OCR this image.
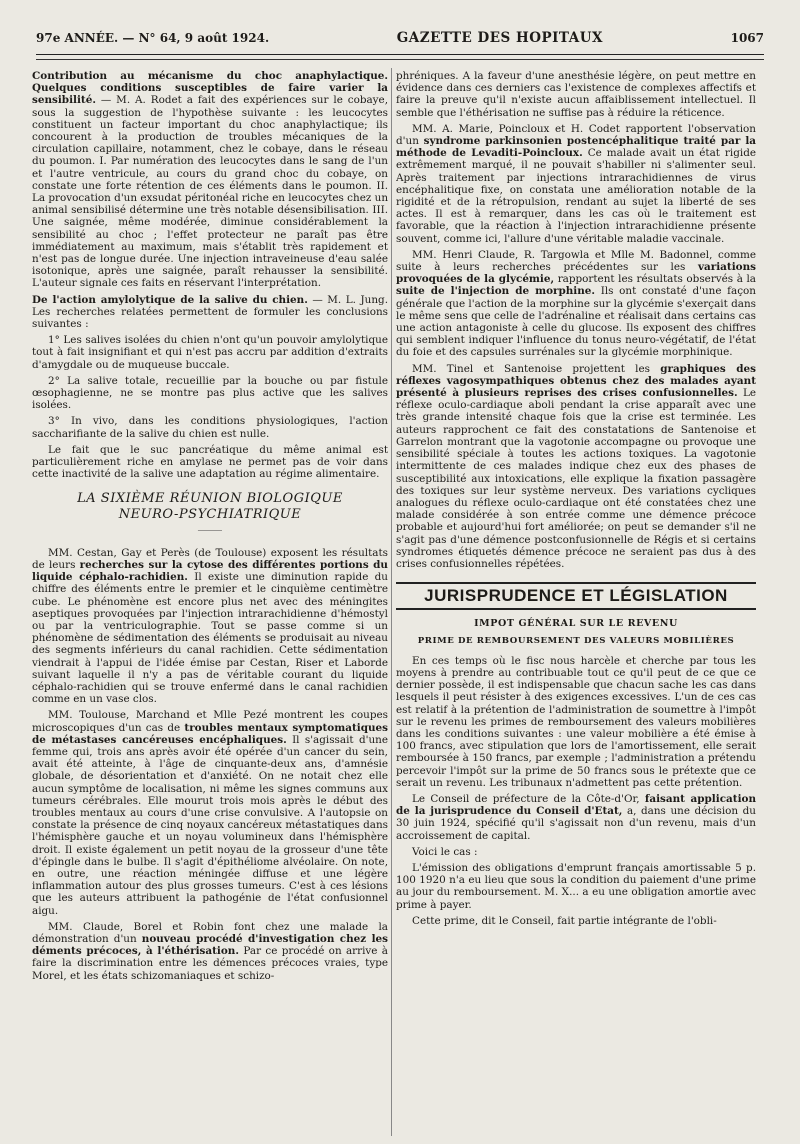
97e ANNÉE. — N° 64, 9 août 1924.	GAZETTE DES HOPITAUX	1067

Contribution au mécanisme du choc anaphylactique. Quelques conditions susceptibles de faire varier la sensibilité. — M. A. Rodet a fait des expériences sur le cobaye, sous la suggestion de l'hypothèse suivante : les leucocytes constituent un facteur important du choc anaphylactique; ils concourent à la production de troubles mécaniques de la circulation capillaire, notamment, chez le cobaye, dans le réseau du poumon. I. Par numération des leucocytes dans le sang de l'un et l'autre ventricule, au cours du grand choc du cobaye, on constate une forte rétention de ces éléments dans le poumon. II. La provocation d'un exsudat péritonéal riche en leucocytes chez un animal sensibilisé détermine une très notable désensibilisation. III. Une saignée, même modérée, diminue considérablement la sensibilité au choc ; l'effet protecteur ne paraît pas être immédiatement au maximum, mais s'établit très rapidement et n'est pas de longue durée. Une injection intraveineuse d'eau salée isotonique, après une saignée, paraît rehausser la sensibilité. L'auteur signale ces faits en réservant l'interprétation.

De l'action amylolytique de la salive du chien. — M. L. Jung. Les recherches relatées permettent de formuler les conclusions suivantes :

1° Les salives isolées du chien n'ont qu'un pouvoir amylolytique tout à fait insignifiant et qui n'est pas accru par addition d'extraits d'amygdale ou de muqueuse buccale.

2° La salive totale, recueillie par la bouche ou par fistule œsophagienne, ne se montre pas plus active que les salives isolées.

3° In vivo, dans les conditions physiologiques, l'action saccharifiante de la salive du chien est nulle.

Le fait que le suc pancréatique du même animal est particulièrement riche en amylase ne permet pas de voir dans cette inactivité de la salive une adaptation au régime alimentaire.

LA SIXIÈME RÉUNION BIOLOGIQUE
NEURO-PSYCHIATRIQUE
⸻

MM. Cestan, Gay et Perès (de Toulouse) exposent les résultats de leurs recherches sur la cytose des différentes portions du liquide céphalo-rachidien. Il existe une diminution rapide du chiffre des éléments entre le premier et le cinquième centimètre cube. Le phénomène est encore plus net avec des méningites aseptiques provoquées par l'injection intrarachidienne d'hémostyl ou par la ventriculographie. Tout se passe comme si un phénomène de sédimentation des éléments se produisait au niveau des segments inférieurs du canal rachidien. Cette sédimentation viendrait à l'appui de l'idée émise par Cestan, Riser et Laborde suivant laquelle il n'y a pas de véritable courant du liquide céphalo-rachidien qui se trouve enfermé dans le canal rachidien comme en un vase clos.

MM. Toulouse, Marchand et Mlle Pezé montrent les coupes microscopiques d'un cas de troubles mentaux symptomatiques de métastases cancéreuses encéphaliques. Il s'agissait d'une femme qui, trois ans après avoir été opérée d'un cancer du sein, avait été atteinte, à l'âge de cinquante-deux ans, d'amnésie globale, de désorientation et d'anxiété. On ne notait chez elle aucun symptôme de localisation, ni même les signes communs aux tumeurs cérébrales. Elle mourut trois mois après le début des troubles mentaux au cours d'une crise convulsive. A l'autopsie on constate la présence de cinq noyaux cancéreux métastatiques dans l'hémisphère gauche et un noyau volumineux dans l'hémisphère droit. Il existe également un petit noyau de la grosseur d'une tête d'épingle dans le bulbe. Il s'agit d'épithéliome alvéolaire. On note, en outre, une réaction méningée diffuse et une légère inflammation autour des plus grosses tumeurs. C'est à ces lésions que les auteurs attribuent la pathogénie de l'état confusionnel aigu.

MM. Claude, Borel et Robin font chez une malade la démonstration d'un nouveau procédé d'investigation chez les déments précoces, à l'éthérisation. Par ce procédé on arrive à faire la discrimination entre les démences précoces vraies, type Morel, et les états schizomaniaques et schizo-

phréniques. A la faveur d'une anesthésie légère, on peut mettre en évidence dans ces derniers cas l'existence de complexes affectifs et faire la preuve qu'il n'existe aucun affaiblissement intellectuel. Il semble que l'éthérisation ne suffise pas à réduire la réticence.

MM. A. Marie, Poincloux et H. Codet rapportent l'observation d'un syndrome parkinsonien postencéphalitique traité par la méthode de Levaditi-Poincloux. Ce malade avait un état rigide extrêmement marqué, il ne pouvait s'habiller ni s'alimenter seul. Après traitement par injections intrarachidiennes de virus encéphalitique fixe, on constata une amélioration notable de la rigidité et de la rétropulsion, rendant au sujet la liberté de ses actes. Il est à remarquer, dans les cas où le traitement est favorable, que la réaction à l'injection intrarachidienne présente souvent, comme ici, l'allure d'une véritable maladie vaccinale.

MM. Henri Claude, R. Targowla et Mlle M. Badonnel, comme suite à leurs recherches précédentes sur les variations provoquées de la glycémie, rapportent les résultats observés à la suite de l'injection de morphine. Ils ont constaté d'une façon générale que l'action de la morphine sur la glycémie s'exerçait dans le même sens que celle de l'adrénaline et réalisait dans certains cas une action antagoniste à celle du glucose. Ils exposent des chiffres qui semblent indiquer l'influence du tonus neuro-végétatif, de l'état du foie et des capsules surrénales sur la glycémie morphinique.

MM. Tinel et Santenoise projettent les graphiques des réflexes vagosympathiques obtenus chez des malades ayant présenté à plusieurs reprises des crises confusionnelles. Le réflexe oculo-cardiaque aboli pendant la crise apparaît avec une très grande intensité chaque fois que la crise est terminée. Les auteurs rapprochent ce fait des constatations de Santenoise et Garrelon montrant que la vagotonie accompagne ou provoque une sensibilité spéciale à toutes les actions toxiques. La vagotonie intermittente de ces malades indique chez eux des phases de susceptibilité aux intoxications, elle explique la fixation passagère des toxiques sur leur système nerveux. Des variations cycliques analogues du réflexe oculo-cardiaque ont été constatées chez une malade considérée à son entrée comme une démence précoce probable et aujourd'hui fort améliorée; on peut se demander s'il ne s'agit pas d'une démence postconfusionnelle de Régis et si certains syndromes étiquetés démence précoce ne seraient pas dus à des crises confusionnelles répétées.

JURISPRUDENCE ET LÉGISLATION
IMPOT GÉNÉRAL SUR LE REVENU
PRIME DE REMBOURSEMENT DES VALEURS MOBILIÈRES

En ces temps où le fisc nous harcèle et cherche par tous les moyens à prendre au contribuable tout ce qu'il peut de ce que ce dernier possède, il est indispensable que chacun sache les cas dans lesquels il peut résister à des exigences excessives. L'un de ces cas est relatif à la prétention de l'administration de soumettre à l'impôt sur le revenu les primes de remboursement des valeurs mobilières dans les conditions suivantes : une valeur mobilière a été émise à 100 francs, avec stipulation que lors de l'amortissement, elle serait remboursée à 150 francs, par exemple ; l'administration a prétendu percevoir l'impôt sur la prime de 50 francs sous le prétexte que ce serait un revenu. Les tribunaux n'admettent pas cette prétention.

Le Conseil de préfecture de la Côte-d'Or, faisant application de la jurisprudence du Conseil d'Etat, a, dans une décision du 30 juin 1924, spécifié qu'il s'agissait non d'un revenu, mais d'un accroissement de capital.

Voici le cas :

L'émission des obligations d'emprunt français amortissable 5 p. 100 1920 n'a eu lieu que sous la condition du paiement d'une prime au jour du remboursement. M. X... a eu une obligation amortie avec prime à payer.

Cette prime, dit le Conseil, fait partie intégrante de l'obli-
